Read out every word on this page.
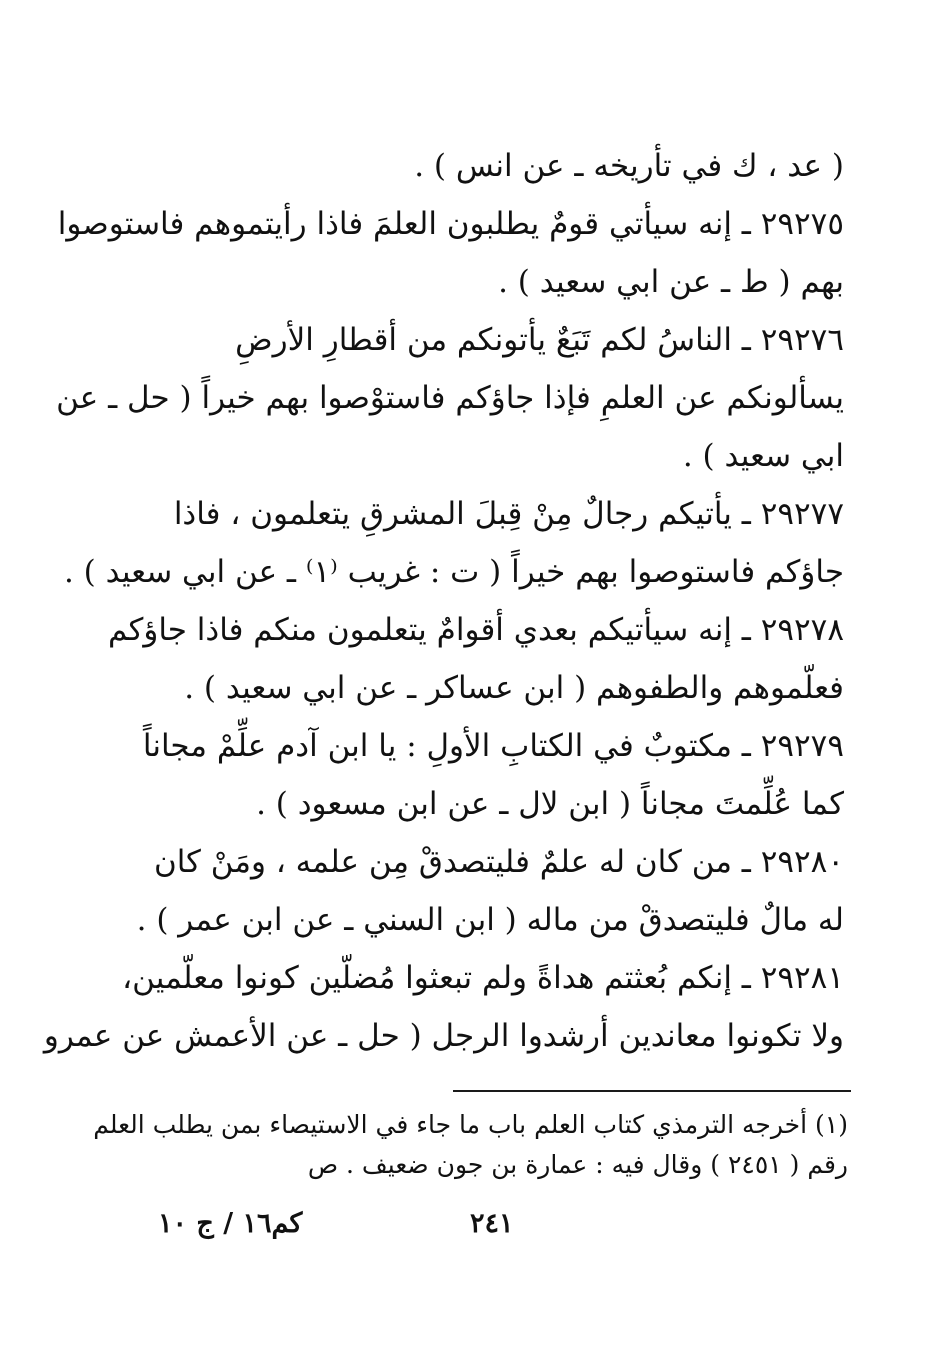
( عد ، ك في تأريخه ـ عن انس ) .
٢٩٢٧٥ ـ إنه سيأتي قومٌ يطلبون العلمَ فاذا رأيتموهم فاستوصوا
بهم ( ط ـ عن ابي سعيد ) .
٢٩٢٧٦ ـ الناسُ لكم تَبَعٌ يأتونكم من أقطارِ الأرضِ
يسألونكم عن العلمِ فإذا جاؤكم فاستوْصوا بهم خيراً ( حل ـ عن
ابي سعيد ) .
٢٩٢٧٧ ـ يأتيكم رجالٌ مِنْ قِبلَ المشرقِ يتعلمون ، فاذا
جاؤكم فاستوصوا بهم خيراً ( ت : غريب ⁽١⁾ ـ عن ابي سعيد ) .
٢٩٢٧٨ ـ إنه سيأتيكم بعدي أقوامٌ يتعلمون منكم فاذا جاؤكم
فعلّموهم والطفوهم ( ابن عساكر ـ عن ابي سعيد ) .
٢٩٢٧٩ ـ مكتوبٌ في الكتابِ الأولِ : يا ابن آدم علِّمْ مجاناً
كما عُلِّمتَ مجاناً ( ابن لال ـ عن ابن مسعود ) .
٢٩٢٨٠ ـ من كان له علمٌ فليتصدقْ مِن علمه ، ومَنْ كان
له مالٌ فليتصدقْ من ماله ( ابن السني ـ عن ابن عمر ) .
٢٩٢٨١ ـ إنكم بُعثتم هداةً ولم تبعثوا مُضلّين كونوا معلّمين،
ولا تكونوا معاندين أرشدوا الرجل ( حل ـ عن الأعمش عن عمرو
(١) أخرجه الترمذي كتاب العلم باب ما جاء في الاستيصاء بمن يطلب العلم
رقم ( ٢٤٥١ ) وقال فيه : عمارة بن جون ضعيف . ص
٢٤١
كم١٦ / ج ١٠
